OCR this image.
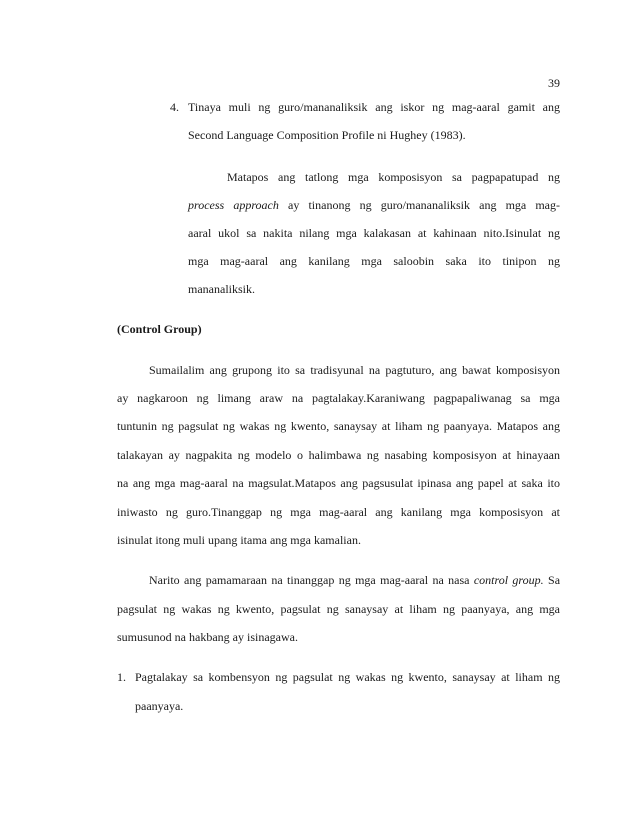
39
4. Tinaya muli ng guro/mananaliksik ang iskor ng mag-aaral gamit ang
Second Language Composition Profile ni Hughey (1983).
Matapos ang tatlong mga komposisyon sa pagpapatupad ng
process approach ay tinanong ng guro/mananaliksik ang mga mag-
aaral ukol sa nakita nilang mga kalakasan at kahinaan nito.Isinulat ng
mga mag-aaral ang kanilang mga saloobin saka ito tinipon ng
mananaliksik.
(Control Group)
Sumailalim ang grupong ito sa tradisyunal na pagtuturo, ang bawat komposisyon
ay nagkaroon ng limang araw na pagtalakay.Karaniwang pagpapaliwanag sa mga
tuntunin ng pagsulat ng wakas ng kwento, sanaysay at liham ng paanyaya. Matapos ang
talakayan ay nagpakita ng modelo o halimbawa ng nasabing komposisyon at hinayaan
na ang mga mag-aaral na magsulat.Matapos ang pagsusulat ipinasa ang papel at saka ito
iniwasto ng guro.Tinanggap ng mga mag-aaral ang kanilang mga komposisyon at
isinulat itong muli upang itama ang mga kamalian.
Narito ang pamamaraan na tinanggap ng mga mag-aaral na nasa control group. Sa
pagsulat ng wakas ng kwento, pagsulat ng sanaysay at liham ng paanyaya, ang mga
sumusunod na hakbang ay isinagawa.
1. Pagtalakay sa kombensyon ng pagsulat ng wakas ng kwento, sanaysay at liham ng
paanyaya.
